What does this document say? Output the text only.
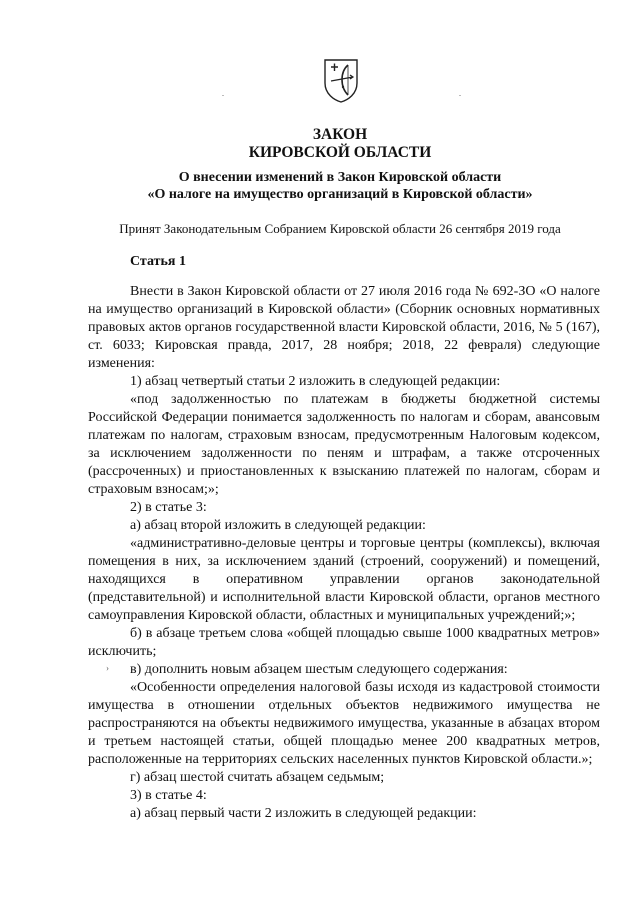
ЗАКОН
КИРОВСКОЙ ОБЛАСТИ
О внесении изменений в Закон Кировской области
«О налоге на имущество организаций в Кировской области»
Принят Законодательным Собранием Кировской области 26 сентября 2019 года
Статья 1
›

Внести в Закон Кировской области от 27 июля 2016 года № 692-ЗО «О налоге на имущество организаций в Кировской области» (Сборник основных нормативных правовых актов органов государственной власти Кировской области, 2016, № 5 (167), ст. 6033; Кировская правда, 2017, 28 ноября; 2018, 22 февраля) следующие изменения:

1) абзац четвертый статьи 2 изложить в следующей редакции:

«под задолженностью по платежам в бюджеты бюджетной системы Российской Федерации понимается задолженность по налогам и сборам, авансовым платежам по налогам, страховым взносам, предусмотренным Налоговым кодексом, за исключением задолженности по пеням и штрафам, а также отсроченных (рассроченных) и приостановленных к взысканию платежей по налогам, сборам и страховым взносам;»;

2) в статье 3:

а) абзац второй изложить в следующей редакции:

«административно-деловые центры и торговые центры (комплексы), включая помещения в них, за исключением зданий (строений, сооружений) и помещений, находящихся в оперативном управлении органов законодательной (представительной) и исполнительной власти Кировской области, органов местного самоуправления Кировской области, областных и муниципальных учреждений;»;

б) в абзаце третьем слова «общей площадью свыше 1000 квадратных метров» исключить;

в) дополнить новым абзацем шестым следующего содержания:

«Особенности определения налоговой базы исходя из кадастровой стоимости имущества в отношении отдельных объектов недвижимого имущества не распространяются на объекты недвижимого имущества, указанные в абзацах втором и третьем настоящей статьи, общей площадью менее 200 квадратных метров, расположенные на территориях сельских населенных пунктов Кировской области.»;

г) абзац шестой считать абзацем седьмым;

3) в статье 4:

а) абзац первый части 2 изложить в следующей редакции:
